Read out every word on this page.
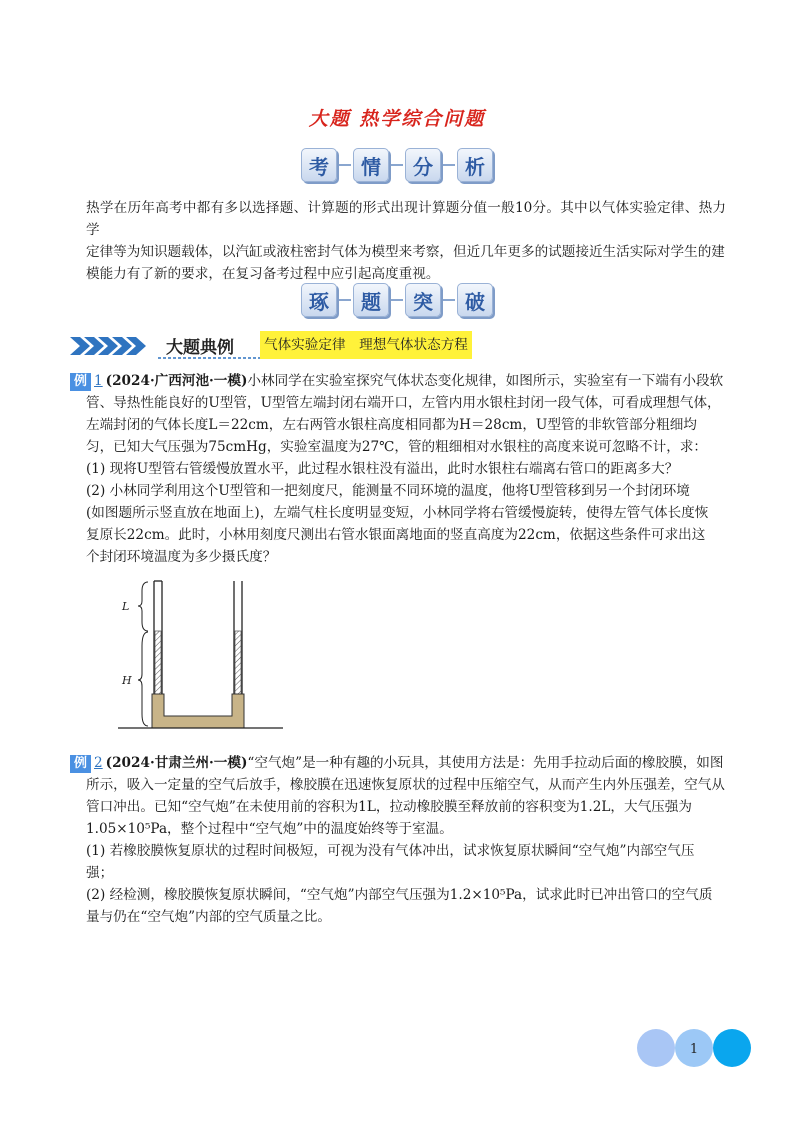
大题 热学综合问题
考	情	分	析
热学在历年高考中都有多以选择题、计算题的形式出现计算题分值一般10分。其中以气体实验定律、热力学
定律等为知识题载体，以汽缸或液柱密封气体为模型来考察，但近几年更多的试题接近生活实际对学生的建
模能力有了新的要求，在复习备考过程中应引起高度重视。
琢	题	突	破
大题典例 气体实验定律　理想气体状态方程
例 1 (2024·广西河池·一模)小林同学在实验室探究气体状态变化规律，如图所示，实验室有一下端有小段软
管、导热性能良好的U型管，U型管左端封闭右端开口，左管内用水银柱封闭一段气体，可看成理想气体，
左端封闭的气体长度L＝22cm，左右两管水银柱高度相同都为H＝28cm，U型管的非软管部分粗细均
匀，已知大气压强为75cmHg，实验室温度为27℃，管的粗细相对水银柱的高度来说可忽略不计，求：
(1) 现将U型管右管缓慢放置水平，此过程水银柱没有溢出，此时水银柱右端离右管口的距离多大？
(2) 小林同学利用这个U型管和一把刻度尺，能测量不同环境的温度，他将U型管移到另一个封闭环境
(如图题所示竖直放在地面上)，左端气柱长度明显变短，小林同学将右管缓慢旋转，使得左管气体长度恢
复原长22cm。此时，小林用刻度尺测出右管水银面离地面的竖直高度为22cm，依据这些条件可求出这
个封闭环境温度为多少摄氏度？
L
H
例 2 (2024·甘肃兰州·一模)“空气炮”是一种有趣的小玩具，其使用方法是：先用手拉动后面的橡胶膜，如图
所示，吸入一定量的空气后放手，橡胶膜在迅速恢复原状的过程中压缩空气，从而产生内外压强差，空气从
管口冲出。已知“空气炮”在未使用前的容积为1L，拉动橡胶膜至释放前的容积变为1.2L，大气压强为
1.05×10⁵Pa，整个过程中“空气炮”中的温度始终等于室温。
(1) 若橡胶膜恢复原状的过程时间极短，可视为没有气体冲出，试求恢复原状瞬间“空气炮”内部空气压
强；
(2) 经检测，橡胶膜恢复原状瞬间，“空气炮”内部空气压强为1.2×10⁵Pa，试求此时已冲出管口的空气质
量与仍在“空气炮”内部的空气质量之比。
1
